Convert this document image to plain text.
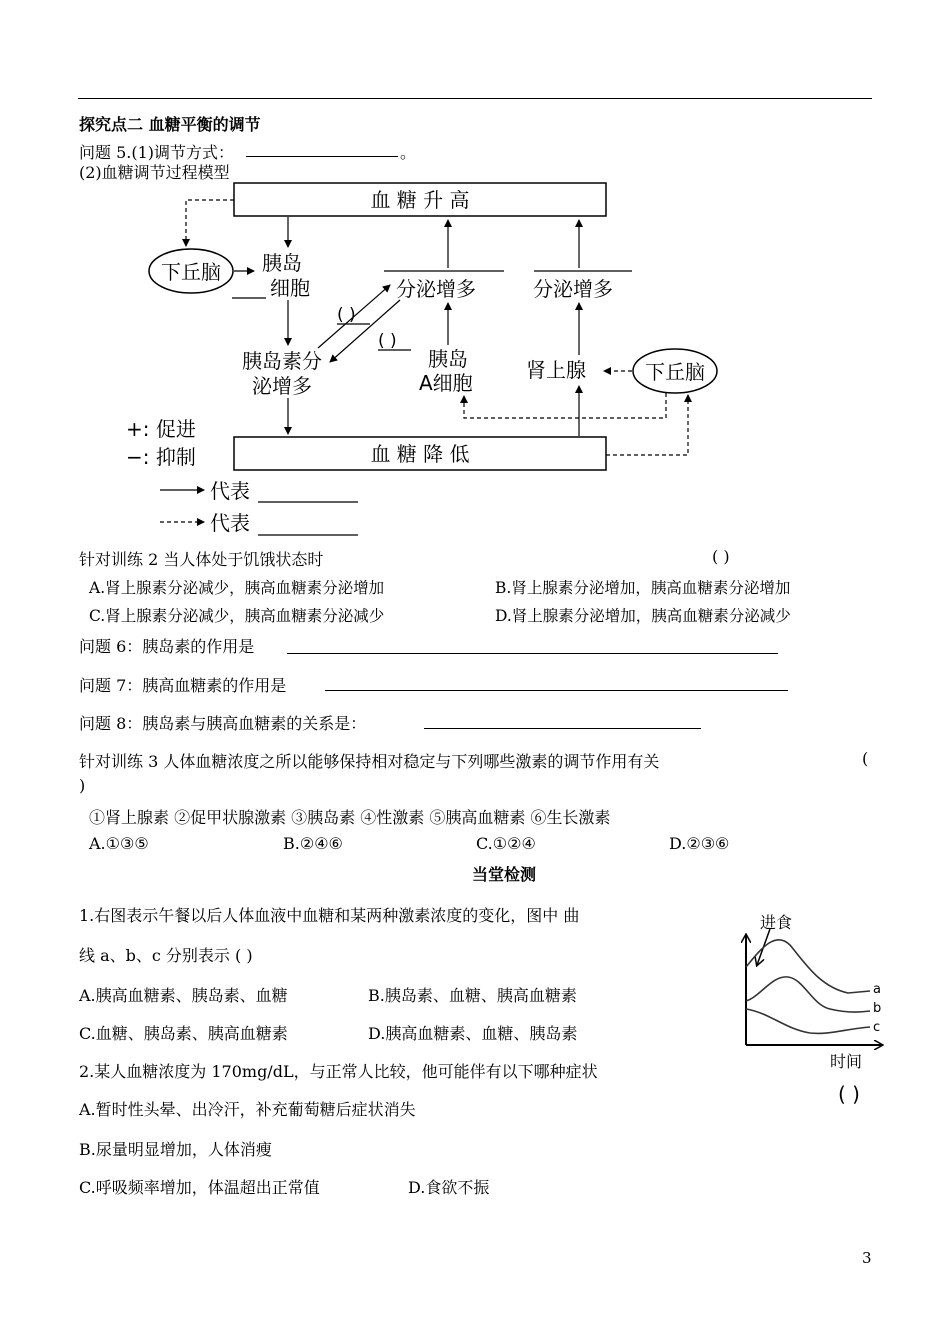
探究点二 血糖平衡的调节
问题 5.(1)调节方式：	。
(2)血糖调节过程模型
血 糖 升 高
血 糖 降 低
下丘脑
下丘脑
胰岛
细胞
胰岛素分
泌增多
分泌增多	分泌增多
( )
( )
胰岛
A细胞
肾上腺
+: 促进
−: 抑制
代表
代表
针对训练 2 当人体处于饥饿状态时	( )
A.肾上腺素分泌减少，胰高血糖素分泌增加	B.肾上腺素分泌增加，胰高血糖素分泌增加
C.肾上腺素分泌减少，胰高血糖素分泌减少	D.肾上腺素分泌增加，胰高血糖素分泌减少
问题 6：胰岛素的作用是
问题 7：胰高血糖素的作用是
问题 8：胰岛素与胰高血糖素的关系是：
针对训练 3 人体血糖浓度之所以能够保持相对稳定与下列哪些激素的调节作用有关	(
)
①肾上腺素 ②促甲状腺激素 ③胰岛素 ④性激素 ⑤胰高血糖素 ⑥生长激素
A.①③⑤	B.②④⑥	C.①②④	D.②③⑥
当堂检测
1.右图表示午餐以后人体血液中血糖和某两种激素浓度的变化，图中 曲
线 a、b、c 分别表示 ( )
A.胰高血糖素、胰岛素、血糖	B.胰岛素、血糖、胰高血糖素
C.血糖、胰岛素、胰高血糖素	D.胰高血糖素、血糖、胰岛素
2.某人血糖浓度为 170mg/dL，与正常人比较，他可能伴有以下哪种症状
A.暂时性头晕、出冷汗，补充葡萄糖后症状消失
B.尿量明显增加，人体消瘦
C.呼吸频率增加，体温超出正常值	D.食欲不振
进食
a
b
c
时间
( )
3
